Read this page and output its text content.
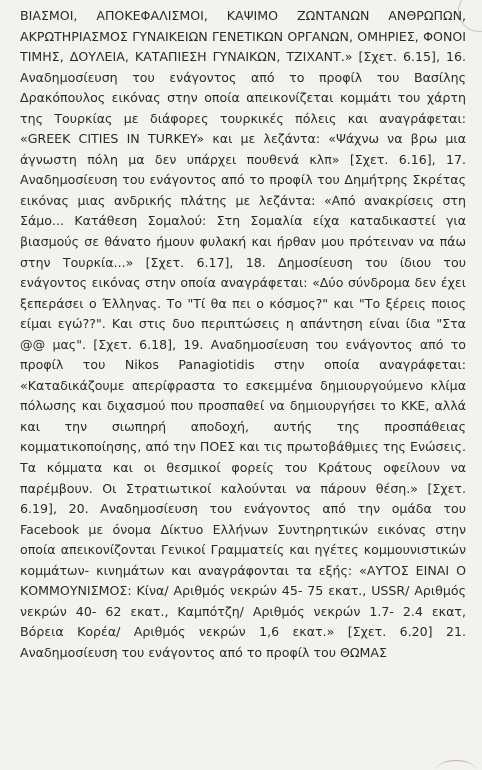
ΒΙΑΣΜΟΙ, ΑΠΟΚΕΦΑΛΙΣΜΟΙ, ΚΑΨΙΜΟ ΖΩΝΤΑΝΩΝ ΑΝΘΡΩΠΩΝ, ΑΚΡΩΤΗΡΙΑΣΜΟΣ ΓΥΝΑΙΚΕΙΩΝ ΓΕΝΕΤΙΚΩΝ ΟΡΓΑΝΩΝ, ΟΜΗΡΙΕΣ, ΦΟΝΟΙ ΤΙΜΗΣ, ΔΟΥΛΕΙΑ, ΚΑΤΑΠΙΕΣΗ ΓΥΝΑΙΚΩΝ, ΤΖΙΧΑΝΤ.» [Σχετ. 6.15], 16. Αναδημοσίευση του ενάγοντος από το προφίλ του Βασίλης Δρακόπουλος εικόνας στην οποία απεικονίζεται κομμάτι του χάρτη της Τουρκίας με διάφορες τουρκικές πόλεις και αναγράφεται: «GREEK CITIES IN TURKEY» και με λεζάντα: «Ψάχνω να βρω μια άγνωστη πόλη μα δεν υπάρχει πουθενά κλπ» [Σχετ. 6.16], 17. Αναδημοσίευση του ενάγοντος από το προφίλ του Δημήτρης Σκρέτας εικόνας μιας ανδρικής πλάτης με λεζάντα: «Από ανακρίσεις στη Σάμο... Κατάθεση Σομαλού: Στη Σομαλία είχα καταδικαστεί για βιασμούς σε θάνατο ήμουν φυλακή και ήρθαν μου πρότειναν να πάω στην Τουρκία...» [Σχετ. 6.17], 18. Δημοσίευση του ίδιου του ενάγοντος εικόνας στην οποία αναγράφεται: «Δύο σύνδρομα δεν έχει ξεπεράσει ο Έλληνας. Το "Τί θα πει ο κόσμος?" και "Το ξέρεις ποιος είμαι εγώ??". Και στις δυο περιπτώσεις η απάντηση είναι ίδια "Στα @@ μας". [Σχετ. 6.18], 19. Αναδημοσίευση του ενάγοντος από το προφίλ του Nikos Panagiotidis στην οποία αναγράφεται: «Καταδικάζουμε απερίφραστα το εσκεμμένα δημιουργούμενο κλίμα πόλωσης και διχασμού που προσπαθεί να δημιουργήσει το ΚΚΕ, αλλά και την σιωπηρή αποδοχή, αυτής της προσπάθειας κομματικοποίησης, από την ΠΟΕΣ και τις πρωτοβάθμιες της Ενώσεις. Τα κόμματα και οι θεσμικοί φορείς του Κράτους οφείλουν να παρέμβουν. Οι Στρατιωτικοί καλούνται να πάρουν θέση.» [Σχετ. 6.19], 20. Αναδημοσίευση του ενάγοντος από την ομάδα του Facebook με όνομα Δίκτυο Ελλήνων Συντηρητικών εικόνας στην οποία απεικονίζονται Γενικοί Γραμματείς και ηγέτες κομμουνιστικών κομμάτων- κινημάτων και αναγράφονται τα εξής: «ΑΥΤΟΣ ΕΙΝΑΙ Ο ΚΟΜΜΟΥΝΙΣΜΟΣ: Κίνα/ Αριθμός νεκρών 45- 75 εκατ., USSR/ Αριθμός νεκρών 40- 62 εκατ., Καμπότζη/ Αριθμός νεκρών 1.7- 2.4 εκατ, Βόρεια Κορέα/ Αριθμός νεκρών 1,6 εκατ.» [Σχετ. 6.20] 21. Αναδημοσίευση του ενάγοντος από το προφίλ του ΘΩΜΑΣ
